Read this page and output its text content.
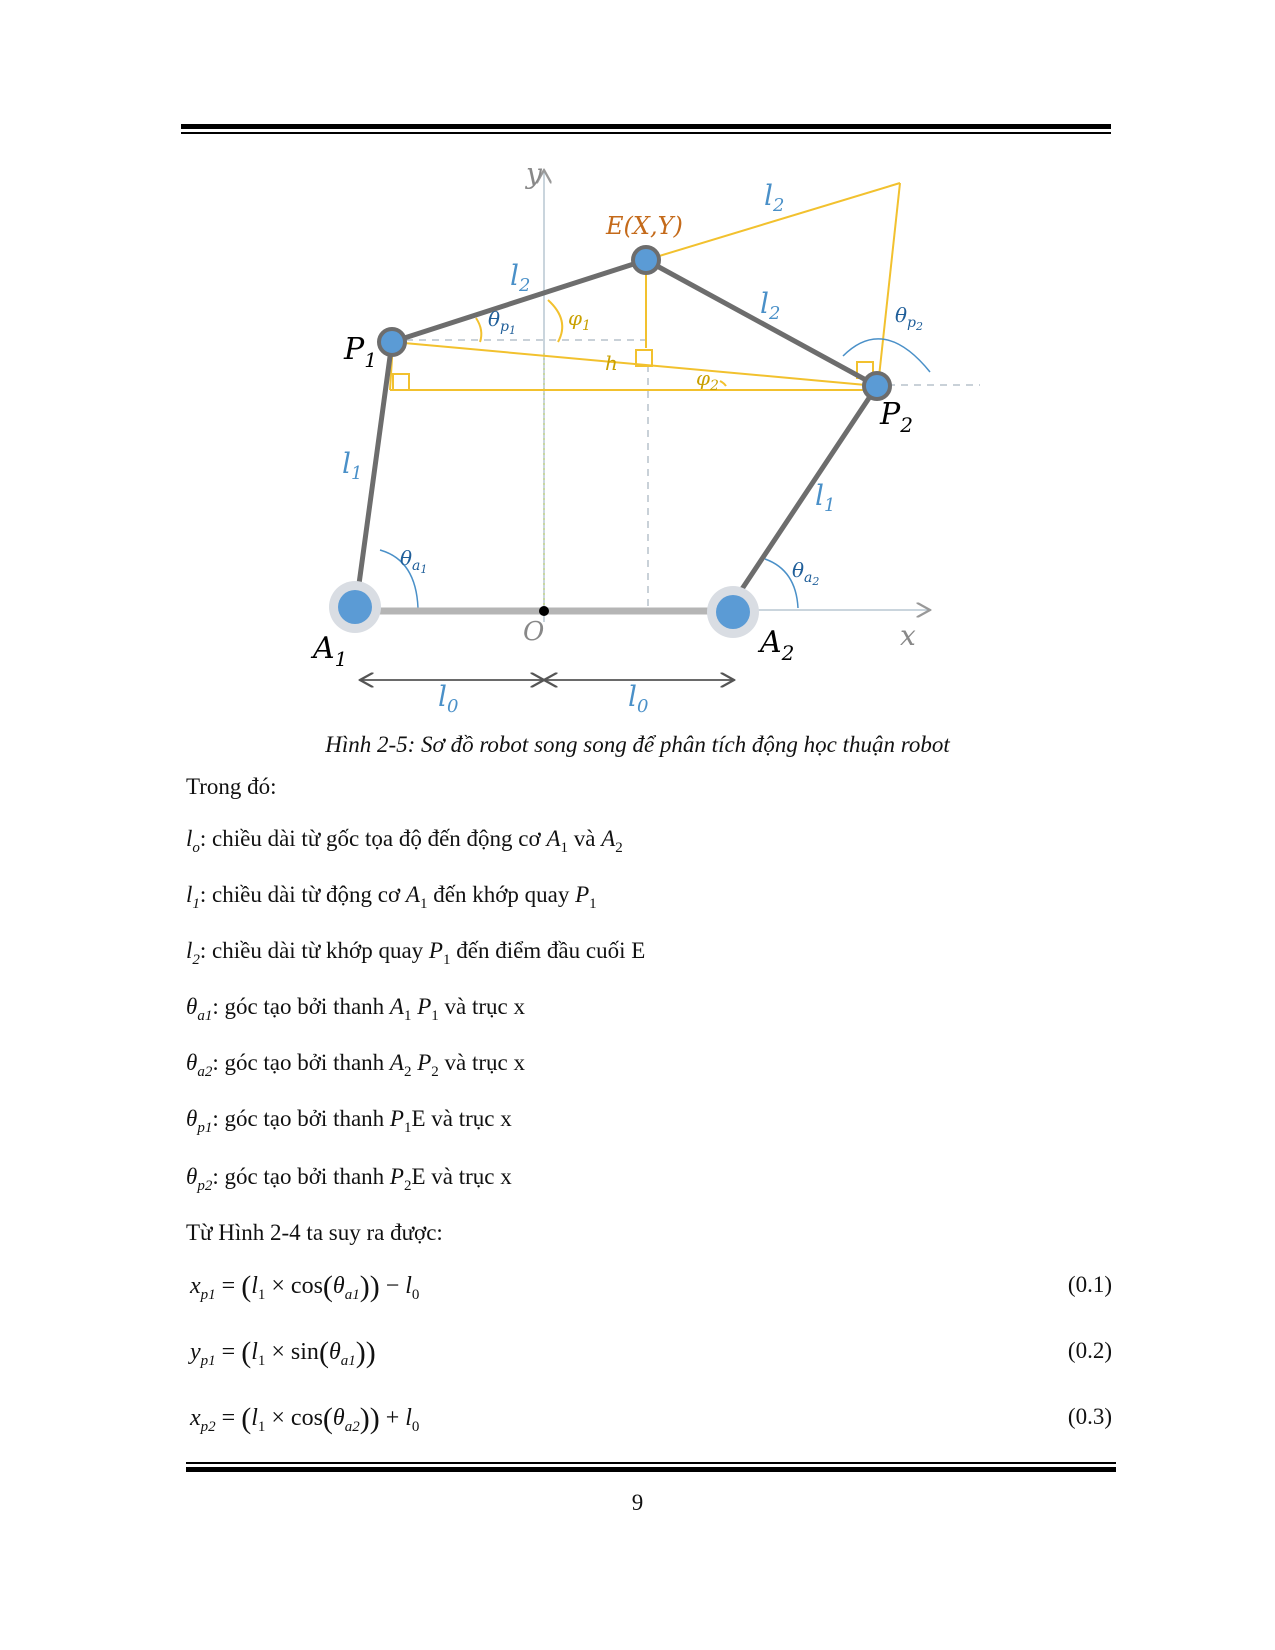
y
x
O
E(X,Y)
h
$P_1$
$P_2$
$A_1$	$A_2$
$l_2$
$l_2$
$l_2$
$l_1$
$l_1$
$l_0$	$l_0$
$\varphi_1$
$\varphi_2$
$\theta_p1$
$\theta_p2$
$\theta_a1$	$\theta_a2$
Hình 2-5: Sơ đồ robot song song để phân tích động học thuận robot
Trong đó:
$l_o$: chiều dài từ gốc tọa độ đến động cơ $A_1$ và $A_2$
$l_1$: chiều dài từ động cơ $A_1$ đến khớp quay $P_1$
$l_2$: chiều dài từ khớp quay $P_1$ đến điểm đầu cuối E
$\theta_{a1}$: góc tạo bởi thanh $A_1$ $P_1$ và trục x
$\theta_{a2}$: góc tạo bởi thanh $A_2$ $P_2$ và trục x
$\theta_{p1}$: góc tạo bởi thanh $P_1E$ và trục x
$\theta_{p2}$: góc tạo bởi thanh $P_2E$ và trục x
Từ Hình 2-4 ta suy ra được:
$x_{p1} = (l_1 \times \cos(\theta_{a1})) - l_0$	(0.1)
$y_{p1} = (l_1 \times \sin(\theta_{a1}))$	(0.2)
$x_{p2} = (l_1 \times \cos(\theta_{a2})) + l_0$	(0.3)
9
